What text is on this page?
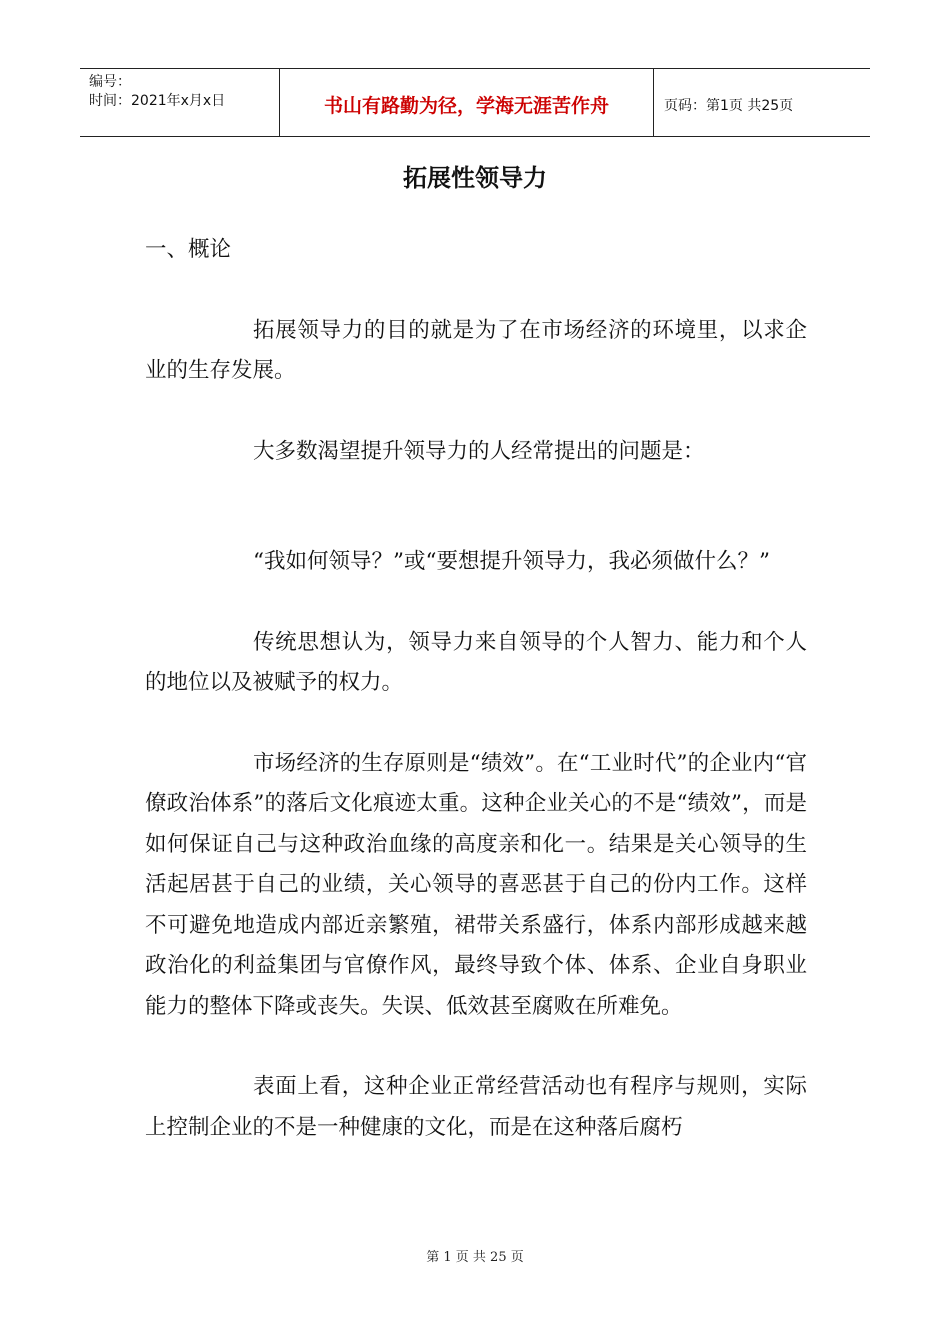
编号：
时间：2021年x月x日	书山有路勤为径，学海无涯苦作舟	页码：第1页 共25页
拓展性领导力

一、概论

拓展领导力的目的就是为了在市场经济的环境里，以求企业的生存发展。

大多数渴望提升领导力的人经常提出的问题是：

“我如何领导？”或“要想提升领导力，我必须做什么？”

传统思想认为，领导力来自领导的个人智力、能力和个人的地位以及被赋予的权力。

市场经济的生存原则是“绩效”。在“工业时代”的企业内“官僚政治体系”的落后文化痕迹太重。这种企业关心的不是“绩效”，而是如何保证自己与这种政治血缘的高度亲和化一。结果是关心领导的生活起居甚于自己的业绩，关心领导的喜恶甚于自己的份内工作。这样不可避免地造成内部近亲繁殖，裙带关系盛行，体系内部形成越来越政治化的利益集团与官僚作风，最终导致个体、体系、企业自身职业能力的整体下降或丧失。失误、低效甚至腐败在所难免。

表面上看，这种企业正常经营活动也有程序与规则，实际上控制企业的不是一种健康的文化，而是在这种落后腐朽

第 1 页 共 25 页
